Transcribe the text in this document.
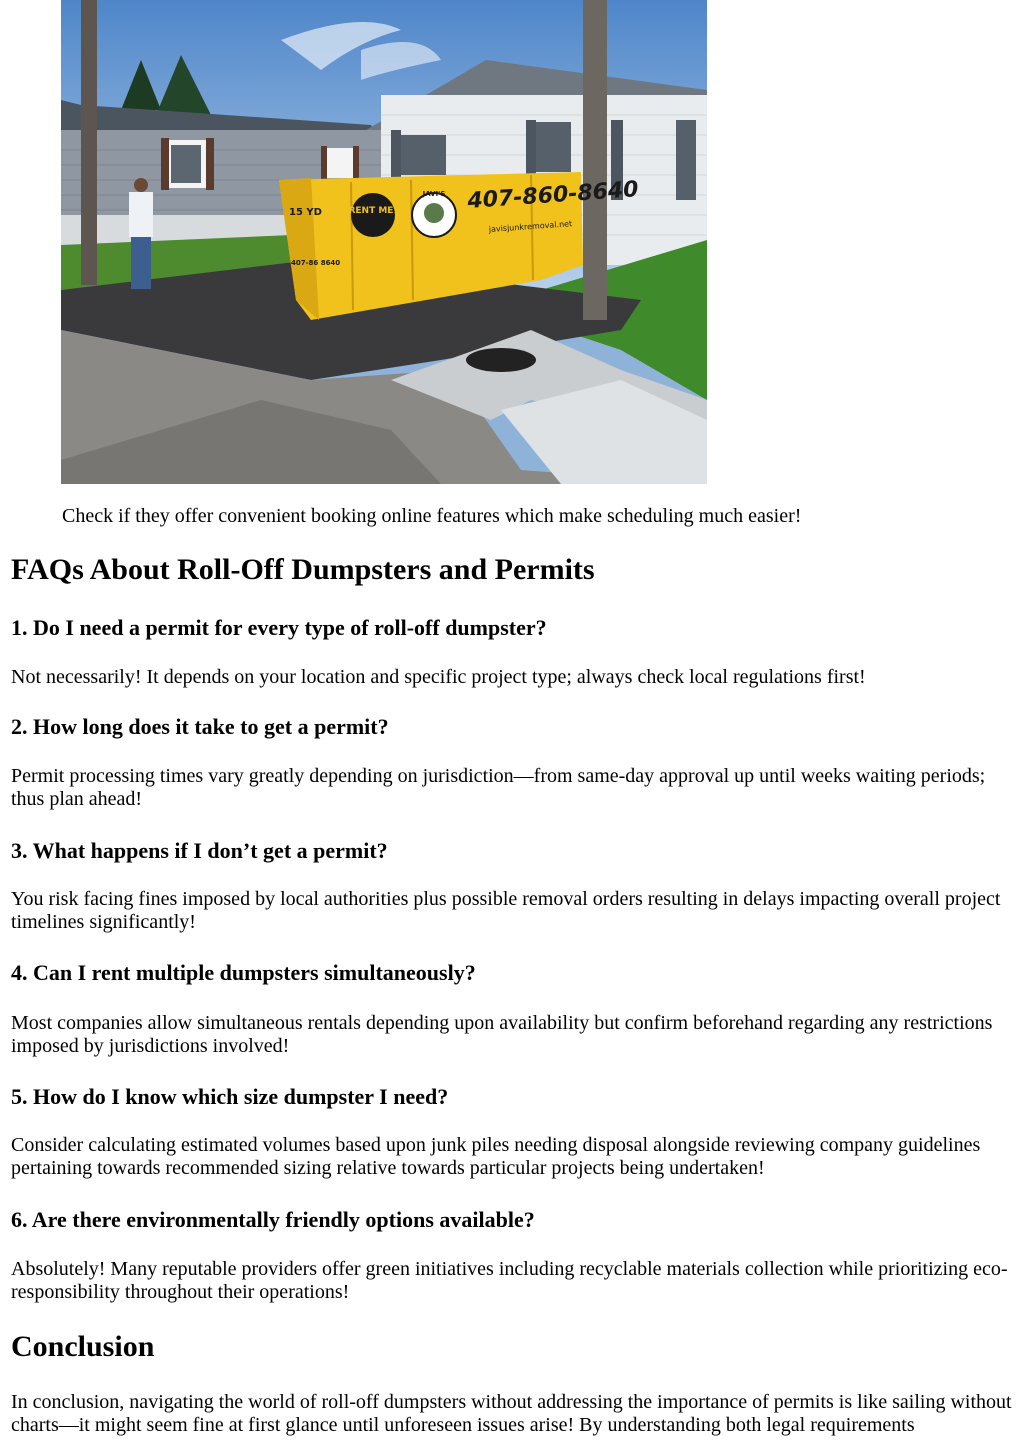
RENT ME!
JAVI'S 407-860-8640
javisjunkremoval.net
15 YD
407-86 8640
Check if they offer convenient booking online features which make scheduling much easier!
FAQs About Roll-Off Dumpsters and Permits
1. Do I need a permit for every type of roll-off dumpster?

Not necessarily! It depends on your location and specific project type; always check local regulations first!

2. How long does it take to get a permit?

Permit processing times vary greatly depending on jurisdiction—from same-day approval up until weeks waiting periods; thus plan ahead!

3. What happens if I don’t get a permit?

You risk facing fines imposed by local authorities plus possible removal orders resulting in delays impacting overall project timelines significantly!

4. Can I rent multiple dumpsters simultaneously?

Most companies allow simultaneous rentals depending upon availability but confirm beforehand regarding any restrictions imposed by jurisdictions involved!

5. How do I know which size dumpster I need?

Consider calculating estimated volumes based upon junk piles needing disposal alongside reviewing company guidelines pertaining towards recommended sizing relative towards particular projects being undertaken!

6. Are there environmentally friendly options available?

Absolutely! Many reputable providers offer green initiatives including recyclable materials collection while prioritizing eco-responsibility throughout their operations!

Conclusion

In conclusion, navigating the world of roll-off dumpsters without addressing the importance of permits is like sailing without charts—it might seem fine at first glance until unforeseen issues arise! By understanding both legal requirements
